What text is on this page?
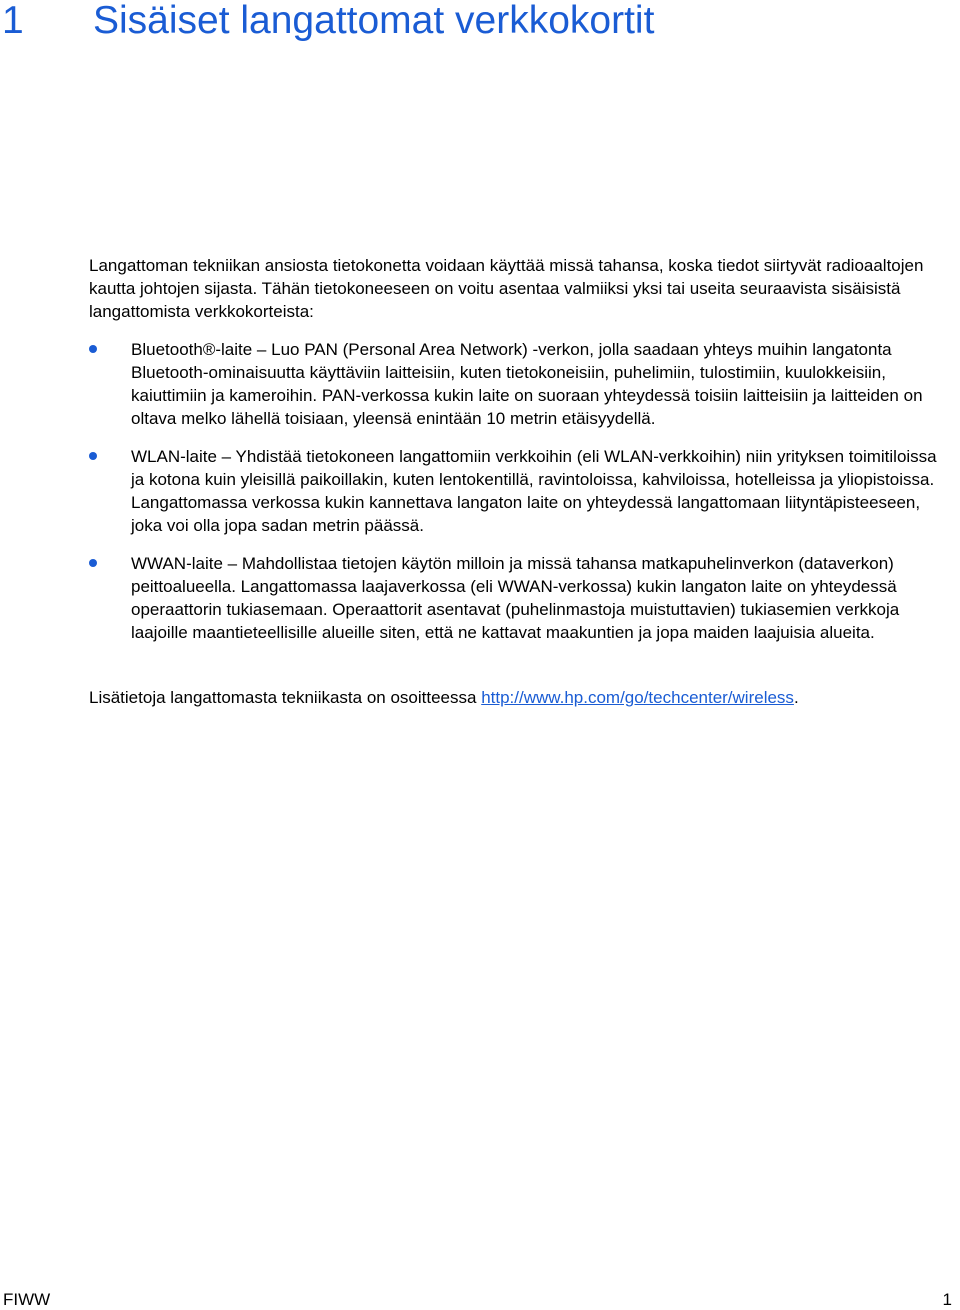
1 Sisäiset langattomat verkkokortit

Langattoman tekniikan ansiosta tietokonetta voidaan käyttää missä tahansa, koska tiedot siirtyvät radioaaltojen kautta johtojen sijasta. Tähän tietokoneeseen on voitu asentaa valmiiksi yksi tai useita seuraavista sisäisistä langattomista verkkokorteista:

Bluetooth®-laite – Luo PAN (Personal Area Network) -verkon, jolla saadaan yhteys muihin langatonta Bluetooth-ominaisuutta käyttäviin laitteisiin, kuten tietokoneisiin, puhelimiin, tulostimiin, kuulokkeisiin, kaiuttimiin ja kameroihin. PAN-verkossa kukin laite on suoraan yhteydessä toisiin laitteisiin ja laitteiden on oltava melko lähellä toisiaan, yleensä enintään 10 metrin etäisyydellä.
WLAN-laite – Yhdistää tietokoneen langattomiin verkkoihin (eli WLAN-verkkoihin) niin yrityksen toimitiloissa ja kotona kuin yleisillä paikoillakin, kuten lentokentillä, ravintoloissa, kahviloissa, hotelleissa ja yliopistoissa. Langattomassa verkossa kukin kannettava langaton laite on yhteydessä langattomaan liityntäpisteeseen, joka voi olla jopa sadan metrin päässä.
WWAN-laite – Mahdollistaa tietojen käytön milloin ja missä tahansa matkapuhelinverkon (dataverkon) peittoalueella. Langattomassa laajaverkossa (eli WWAN-verkossa) kukin langaton laite on yhteydessä operaattorin tukiasemaan. Operaattorit asentavat (puhelinmastoja muistuttavien) tukiasemien verkkoja laajoille maantieteellisille alueille siten, että ne kattavat maakuntien ja jopa maiden laajuisia alueita.

Lisätietoja langattomasta tekniikasta on osoitteessa http://www.hp.com/go/techcenter/wireless.

FIWW	1
